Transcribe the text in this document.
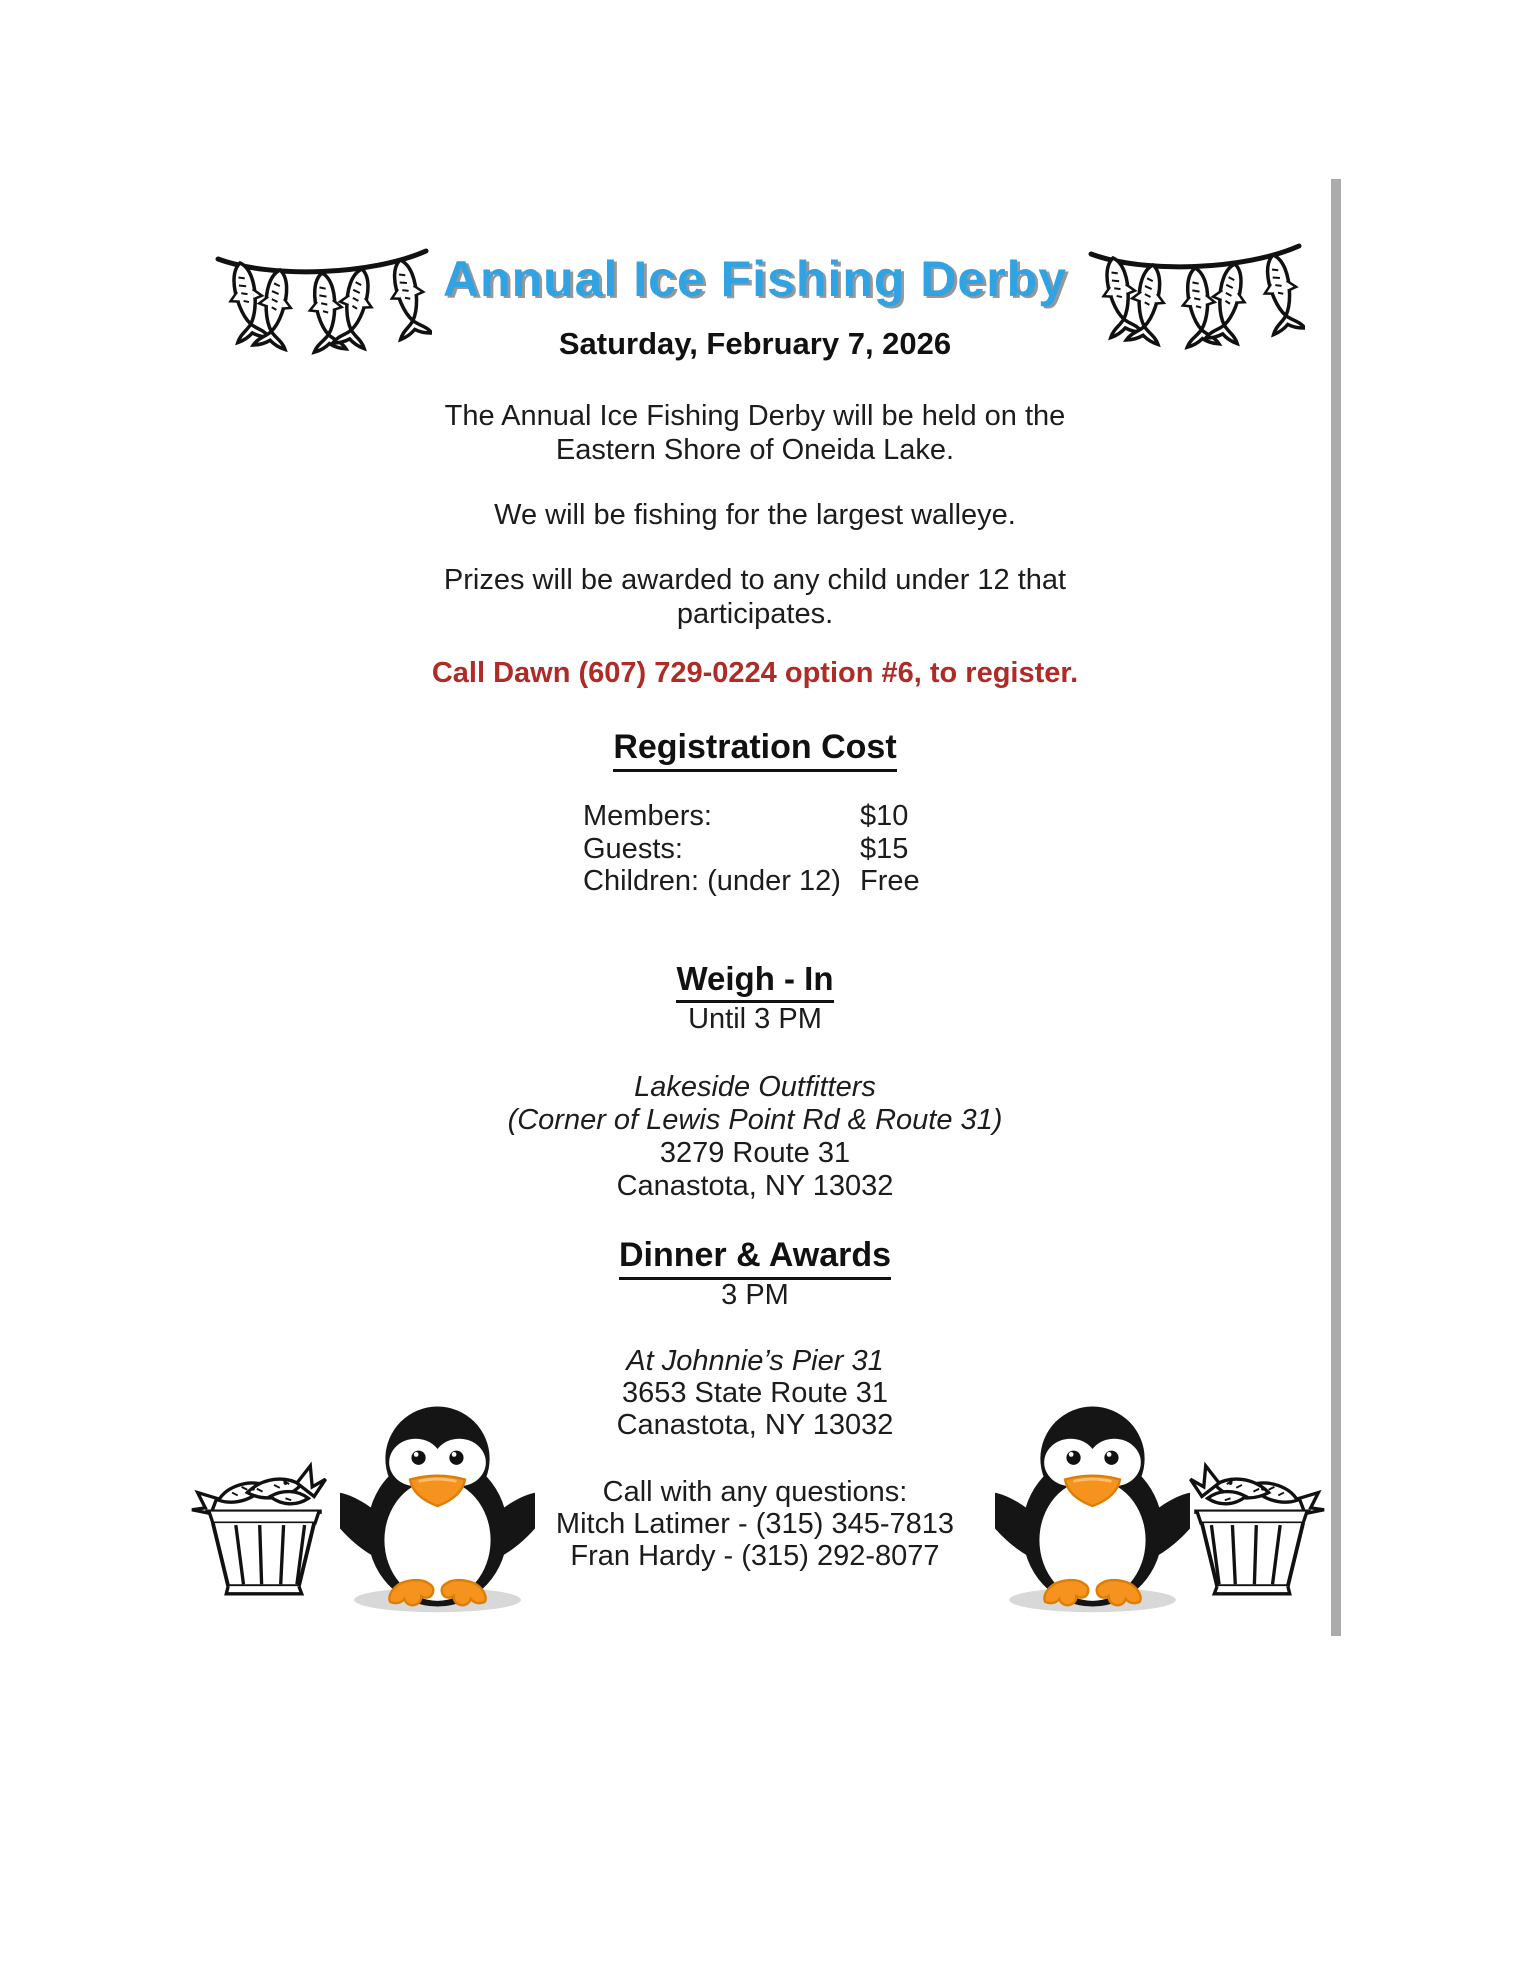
Annual Ice Fishing Derby
Saturday, February 7, 2026
The Annual Ice Fishing Derby will be held on the
Eastern Shore of Oneida Lake.
We will be fishing for the largest walleye.
Prizes will be awarded to any child under 12 that
participates.
Call Dawn (607) 729-0224 option #6, to register.
Registration Cost
Members:	$10
Guests:	$15
Children: (under 12) Free
Weigh - In
Until 3 PM
Lakeside Outfitters
(Corner of Lewis Point Rd & Route 31)
3279 Route 31
Canastota, NY 13032
Dinner & Awards
3 PM
At Johnnie’s Pier 31
3653 State Route 31
Canastota, NY 13032
Call with any questions:
Mitch Latimer - (315) 345-7813
Fran Hardy - (315) 292-8077
